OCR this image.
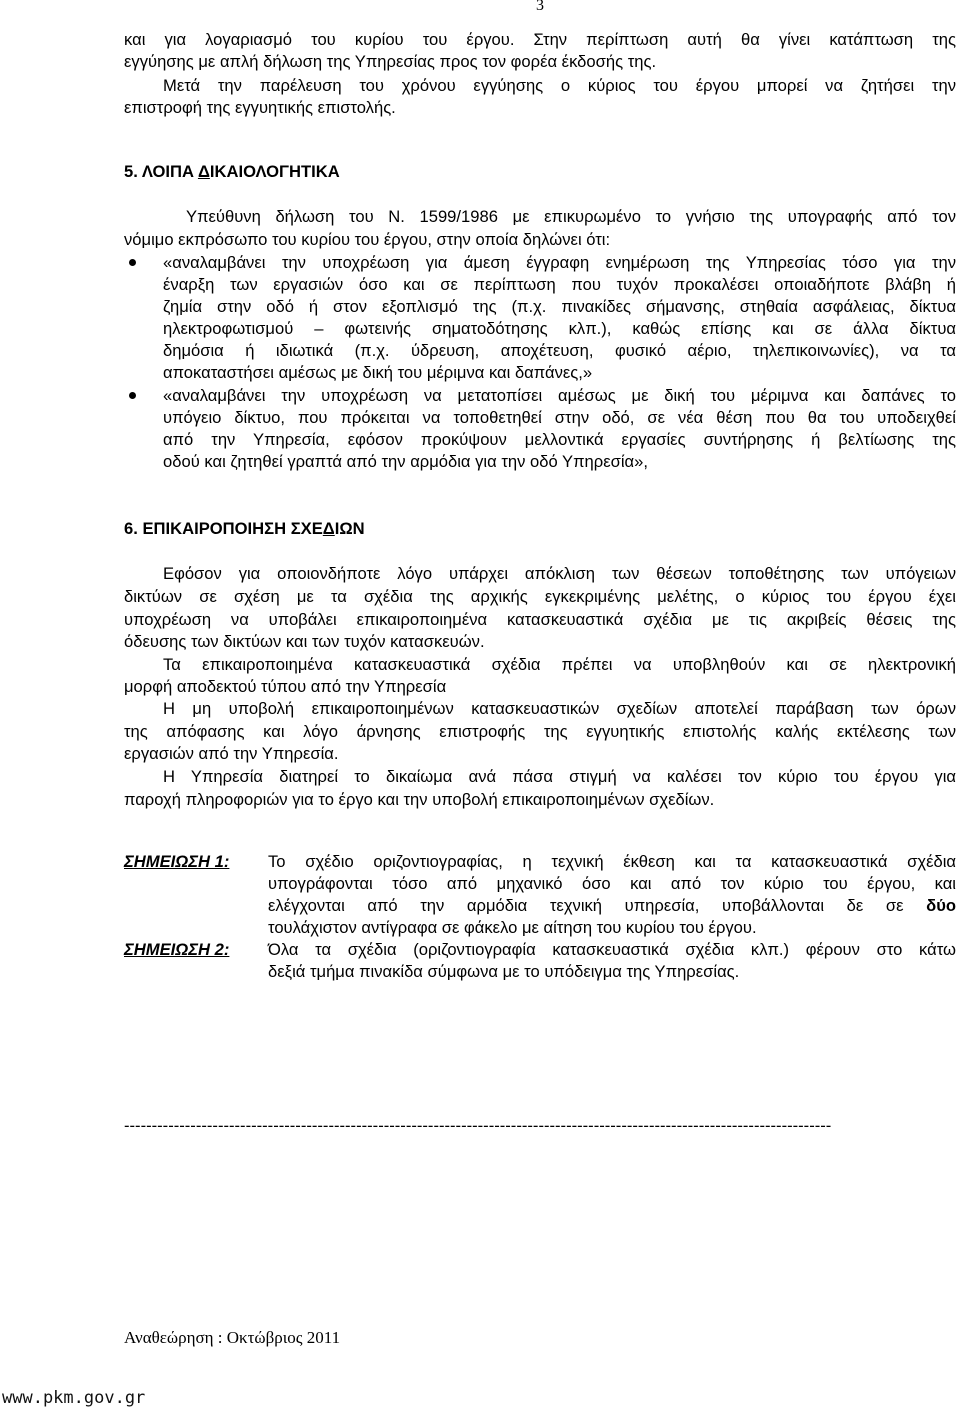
3
και για λογαριασμό του κυρίου του έργου. Στην περίπτωση αυτή θα γίνει κατάπτωση της
εγγύησης με απλή δήλωση της Υπηρεσίας προς τον φορέα έκδοσής της.
Μετά την παρέλευση του χρόνου εγγύησης ο κύριος του έργου μπορεί να ζητήσει την
επιστροφή της εγγυητικής επιστολής.
5. ΛΟΙΠΑ ΔΙΚΑΙΟΛΟΓΗΤΙΚΑ
Υπεύθυνη δήλωση του Ν. 1599/1986 με επικυρωμένο το γνήσιο της υπογραφής από τον
νόμιμο εκπρόσωπο του κυρίου του έργου, στην οποία δηλώνει ότι:
«αναλαμβάνει την υποχρέωση για άμεση έγγραφη ενημέρωση της Υπηρεσίας τόσο για την
έναρξη των εργασιών όσο και σε περίπτωση που τυχόν προκαλέσει οποιαδήποτε βλάβη ή
ζημία στην οδό ή στον εξοπλισμό της (π.χ. πινακίδες σήμανσης, στηθαία ασφάλειας, δίκτυα
ηλεκτροφωτισμού – φωτεινής σηματοδότησης κλπ.), καθώς επίσης και σε άλλα δίκτυα
δημόσια ή ιδιωτικά (π.χ. ύδρευση, αποχέτευση, φυσικό αέριο, τηλεπικοινωνίες), να τα
αποκαταστήσει αμέσως με δική του μέριμνα και δαπάνες,»
«αναλαμβάνει την υποχρέωση να μετατοπίσει αμέσως με δική του μέριμνα και δαπάνες το
υπόγειο δίκτυο, που πρόκειται να τοποθετηθεί στην οδό, σε νέα θέση που θα του υποδειχθεί
από την Υπηρεσία, εφόσον προκύψουν μελλοντικά εργασίες συντήρησης ή βελτίωσης της
οδού και ζητηθεί γραπτά από την αρμόδια για την οδό Υπηρεσία»,
6. ΕΠΙΚΑΙΡΟΠΟΙΗΣΗ ΣΧΕΔΙΩΝ
Εφόσον για οποιονδήποτε λόγο υπάρχει απόκλιση των θέσεων τοποθέτησης των υπόγειων
δικτύων σε σχέση με τα σχέδια της αρχικής εγκεκριμένης μελέτης, ο κύριος του έργου έχει
υποχρέωση να υποβάλει επικαιροποιημένα κατασκευαστικά σχέδια με τις ακριβείς θέσεις της
όδευσης των δικτύων και των τυχόν κατασκευών.
Τα επικαιροποιημένα κατασκευαστικά σχέδια πρέπει να υποβληθούν και σε ηλεκτρονική
μορφή αποδεκτού τύπου από την Υπηρεσία
Η μη υποβολή επικαιροποιημένων κατασκευαστικών σχεδίων αποτελεί παράβαση των όρων
της απόφασης και λόγο άρνησης επιστροφής της εγγυητικής επιστολής καλής εκτέλεσης των
εργασιών από την Υπηρεσία.
Η Υπηρεσία διατηρεί το δικαίωμα ανά πάσα στιγμή να καλέσει τον κύριο του έργου για
παροχή πληροφοριών για το έργο και την υποβολή επικαιροποιημένων σχεδίων.
ΣΗΜΕΙΩΣΗ 1: Το σχέδιο οριζοντιογραφίας, η τεχνική έκθεση και τα κατασκευαστικά σχέδια
υπογράφονται τόσο από μηχανικό όσο και από τον κύριο του έργου, και
ελέγχονται από την αρμόδια τεχνική υπηρεσία, υποβάλλονται δε σε δύο
τουλάχιστον αντίγραφα σε φάκελο με αίτηση του κυρίου του έργου.
ΣΗΜΕΙΩΣΗ 2: Όλα τα σχέδια (οριζοντιογραφία κατασκευαστικά σχέδια κλπ.) φέρουν στο κάτω
δεξιά τμήμα πινακίδα σύμφωνα με το υπόδειγμα της Υπηρεσίας.
--------------------------------------------------------------------------------------------------------------------------------
Αναθεώρηση : Οκτώβριος 2011
www.pkm.gov.gr
